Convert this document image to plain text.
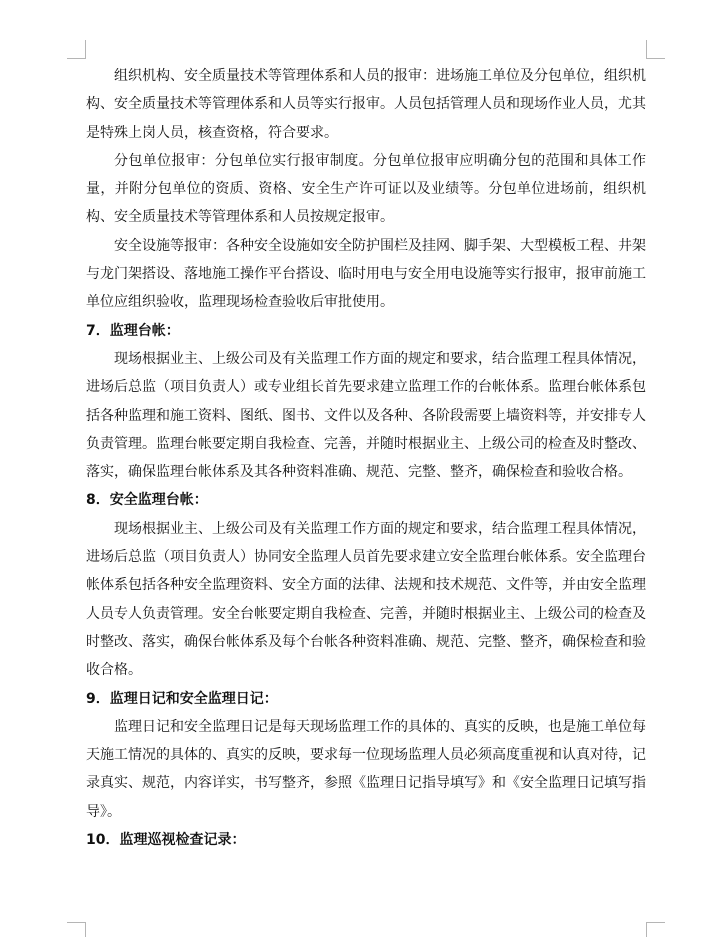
组织机构、安全质量技术等管理体系和人员的报审：进场施工单位及分包单位，组织机构、安全质量技术等管理体系和人员等实行报审。人员包括管理人员和现场作业人员，尤其是特殊上岗人员，核查资格，符合要求。

分包单位报审：分包单位实行报审制度。分包单位报审应明确分包的范围和具体工作量，并附分包单位的资质、资格、安全生产许可证以及业绩等。分包单位进场前，组织机构、安全质量技术等管理体系和人员按规定报审。

安全设施等报审：各种安全设施如安全防护围栏及挂网、脚手架、大型模板工程、井架与龙门架搭设、落地施工操作平台搭设、临时用电与安全用电设施等实行报审，报审前施工单位应组织验收，监理现场检查验收后审批使用。

7．监理台帐：

现场根据业主、上级公司及有关监理工作方面的规定和要求，结合监理工程具体情况，进场后总监（项目负责人）或专业组长首先要求建立监理工作的台帐体系。监理台帐体系包括各种监理和施工资料、图纸、图书、文件以及各种、各阶段需要上墙资料等，并安排专人负责管理。监理台帐要定期自我检查、完善，并随时根据业主、上级公司的检查及时整改、落实，确保监理台帐体系及其各种资料准确、规范、完整、整齐，确保检查和验收合格。

8．安全监理台帐：

现场根据业主、上级公司及有关监理工作方面的规定和要求，结合监理工程具体情况，进场后总监（项目负责人）协同安全监理人员首先要求建立安全监理台帐体系。安全监理台帐体系包括各种安全监理资料、安全方面的法律、法规和技术规范、文件等，并由安全监理人员专人负责管理。安全台帐要定期自我检查、完善，并随时根据业主、上级公司的检查及时整改、落实，确保台帐体系及每个台帐各种资料准确、规范、完整、整齐，确保检查和验收合格。

9．监理日记和安全监理日记：

监理日记和安全监理日记是每天现场监理工作的具体的、真实的反映，也是施工单位每天施工情况的具体的、真实的反映，要求每一位现场监理人员必须高度重视和认真对待，记录真实、规范，内容详实，书写整齐，参照《监理日记指导填写》和《安全监理日记填写指导》。

10．监理巡视检查记录：
